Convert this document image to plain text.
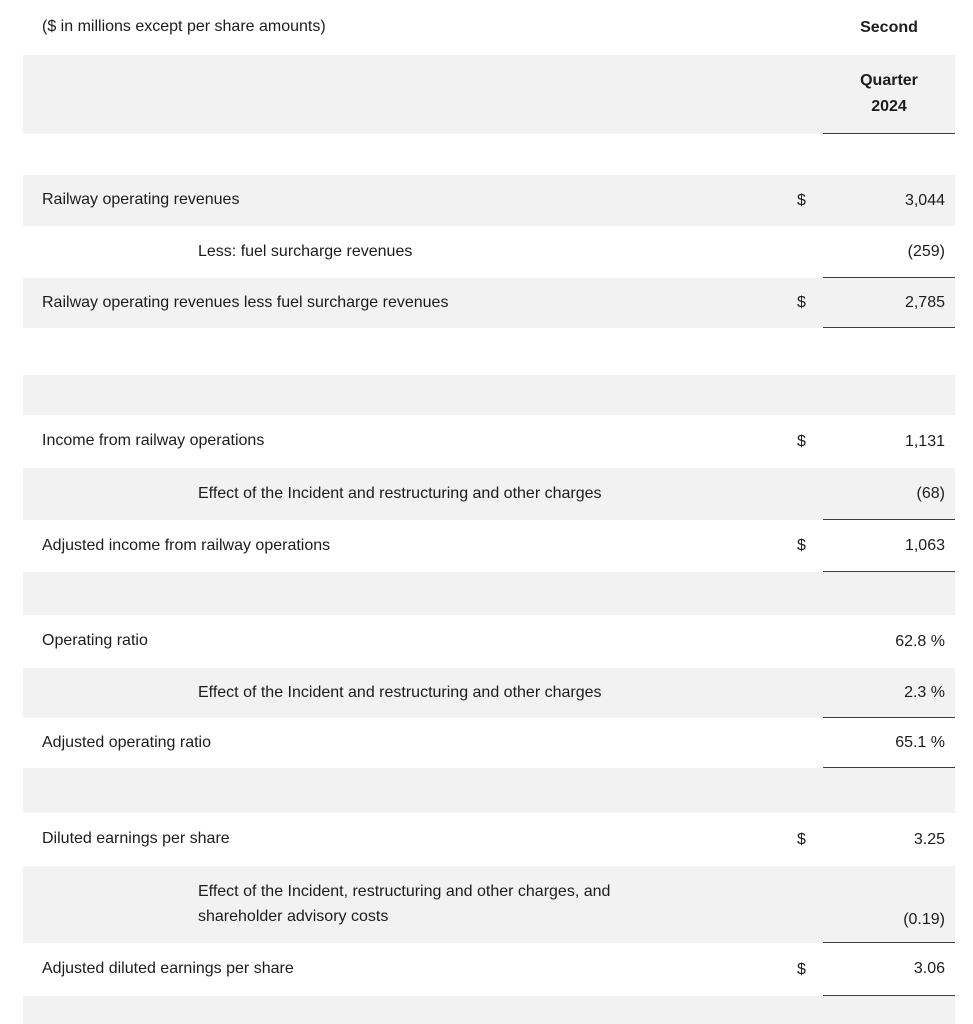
($ in millions except per share amounts)	Second
Quarter
2024
Railway operating revenues	$	3,044
Less: fuel surcharge revenues	(259)
Railway operating revenues less fuel surcharge revenues	$	2,785
Income from railway operations	$	1,131
Effect of the Incident and restructuring and other charges	(68)
Adjusted income from railway operations	$	1,063
Operating ratio	62.8 %
Effect of the Incident and restructuring and other charges	2.3 %
Adjusted operating ratio	65.1 %
Diluted earnings per share	$	3.25
Effect of the Incident, restructuring and other charges, and shareholder advisory costs	(0.19)
Adjusted diluted earnings per share	$	3.06
